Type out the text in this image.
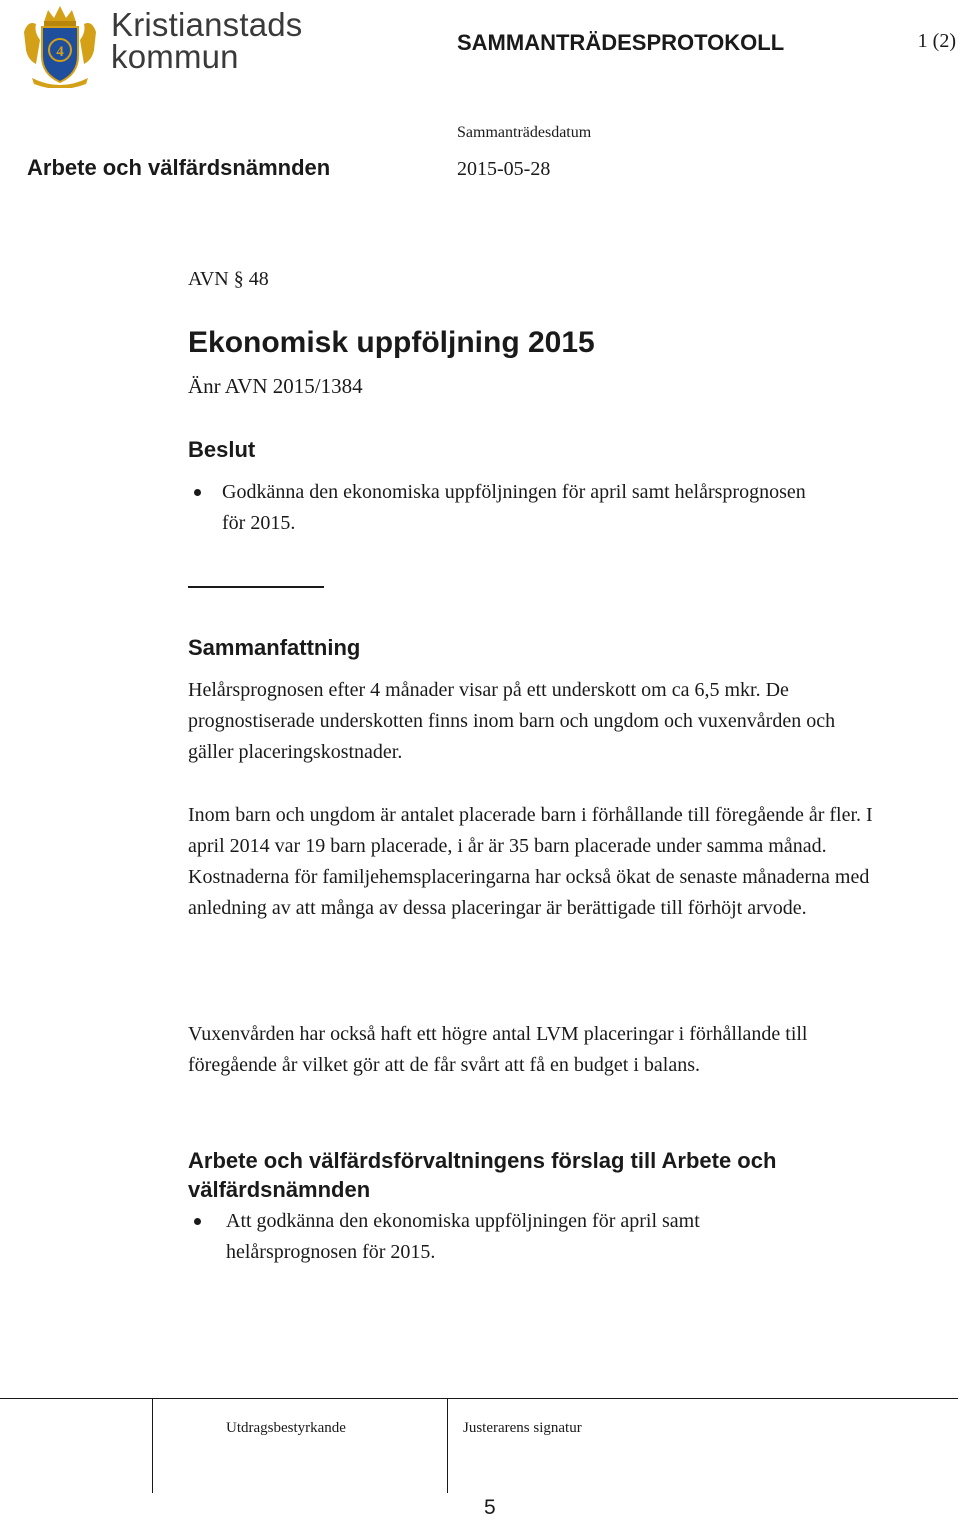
4
Kristianstads
kommun	SAMMANTRÄDESPROTOKOLL	1 (2)
Sammanträdesdatum
Arbete och välfärdsnämnden	2015-05-28
AVN § 48
Ekonomisk uppföljning 2015
Änr AVN 2015/1384
Beslut
Godkänna den ekonomiska uppföljningen för april samt helårsprognosen för 2015.
Sammanfattning

Helårsprognosen efter 4 månader visar på ett underskott om ca 6,5 mkr. De prognostiserade underskotten finns inom barn och ungdom och vuxenvården och gäller placeringskostnader.

Inom barn och ungdom är antalet placerade barn i förhållande till föregående år fler. I april 2014 var 19 barn placerade, i år är 35 barn placerade under samma månad. Kostnaderna för familjehemsplaceringarna har också ökat de senaste månaderna med anledning av att många av dessa placeringar är berättigade till förhöjt arvode.

Vuxenvården har också haft ett högre antal LVM placeringar i förhållande till föregående år vilket gör att de får svårt att få en budget i balans.

Arbete och välfärdsförvaltningens förslag till Arbete och välfärdsnämnden
Att godkänna den ekonomiska uppföljningen för april samt helårsprognosen för 2015.
Utdragsbestyrkande	Justerarens signatur
5
